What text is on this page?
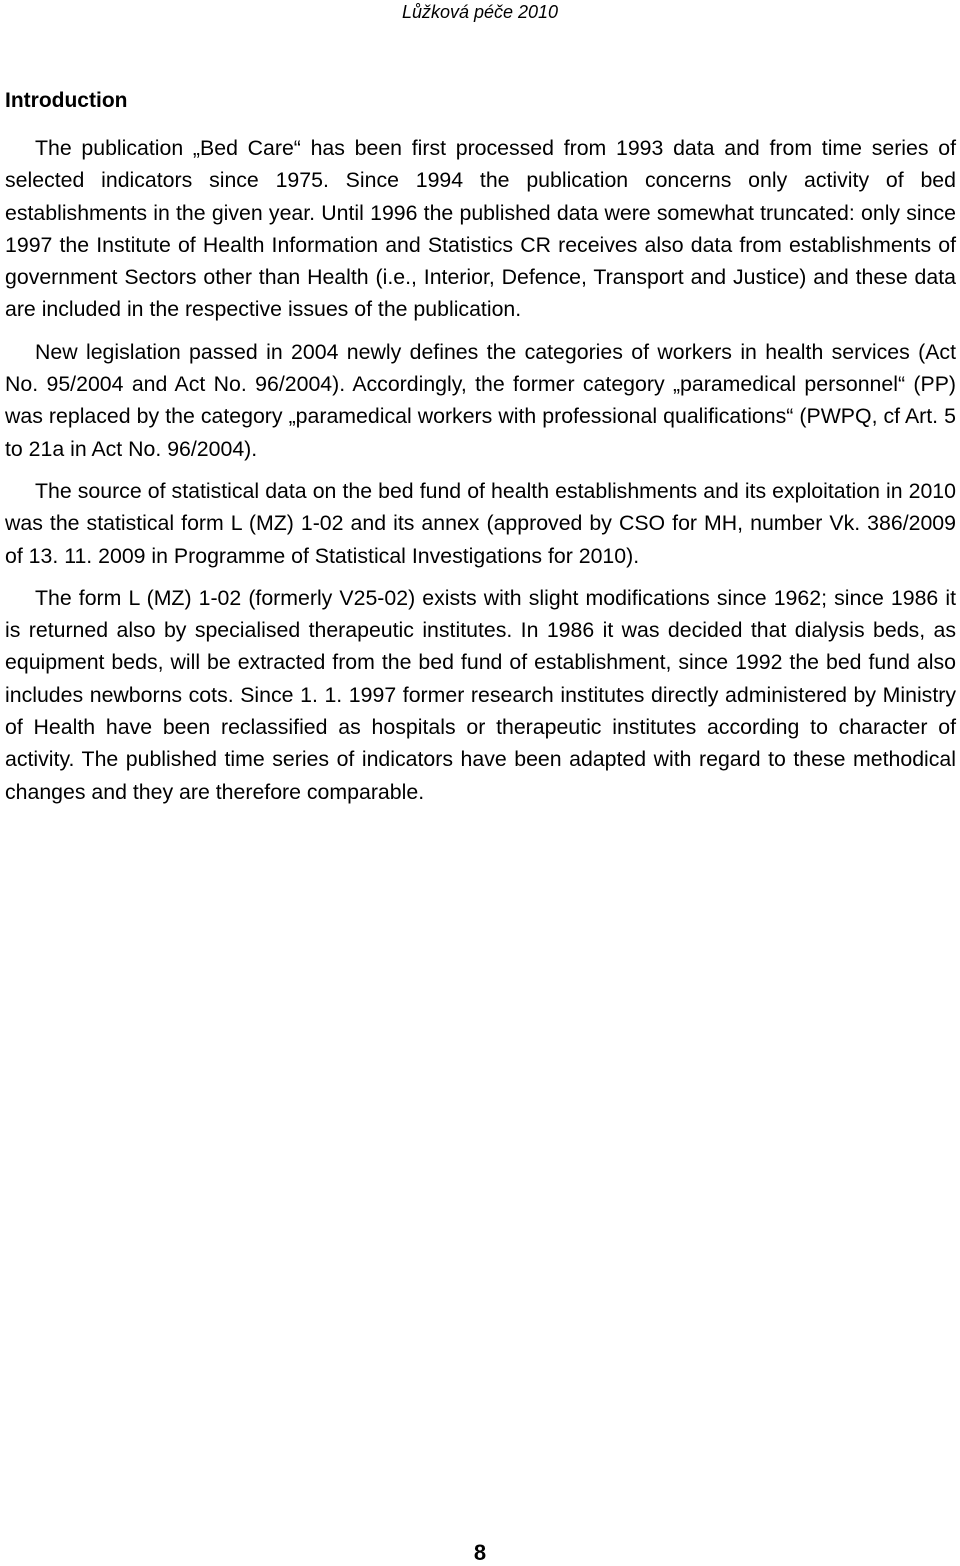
Lůžková péče 2010
Introduction

The publication „Bed Care“ has been first processed from 1993 data and from time series of selected indicators since 1975. Since 1994 the publication concerns only activity of bed establishments in the given year. Until 1996 the published data were somewhat truncated: only since 1997 the Institute of Health Information and Statistics CR receives also data from establishments of government Sectors other than Health (i.e., Interior, Defence, Transport and Justice) and these data are included in the respective issues of the publication.

New legislation passed in 2004 newly defines the categories of workers in health services (Act No. 95/2004 and Act No. 96/2004). Accordingly, the former category „paramedical personnel“ (PP) was replaced by the category „paramedical workers with professional qualifications“ (PWPQ, cf Art. 5 to 21a in Act No. 96/2004).

The source of statistical data on the bed fund of health establishments and its exploitation in 2010 was the statistical form L (MZ) 1-02 and its annex (approved by CSO for MH, number Vk. 386/2009 of 13. 11. 2009 in Programme of Statistical Investigations for 2010).

The form L (MZ) 1-02 (formerly V25-02) exists with slight modifications since 1962; since 1986 it is returned also by specialised therapeutic institutes. In 1986 it was decided that dialysis beds, as equipment beds, will be extracted from the bed fund of establishment, since 1992 the bed fund also includes newborns cots. Since 1. 1. 1997 former research institutes directly administered by Ministry of Health have been reclassified as hospitals or therapeutic institutes according to character of activity. The published time series of indicators have been adapted with regard to these methodical changes and they are therefore comparable.

8
